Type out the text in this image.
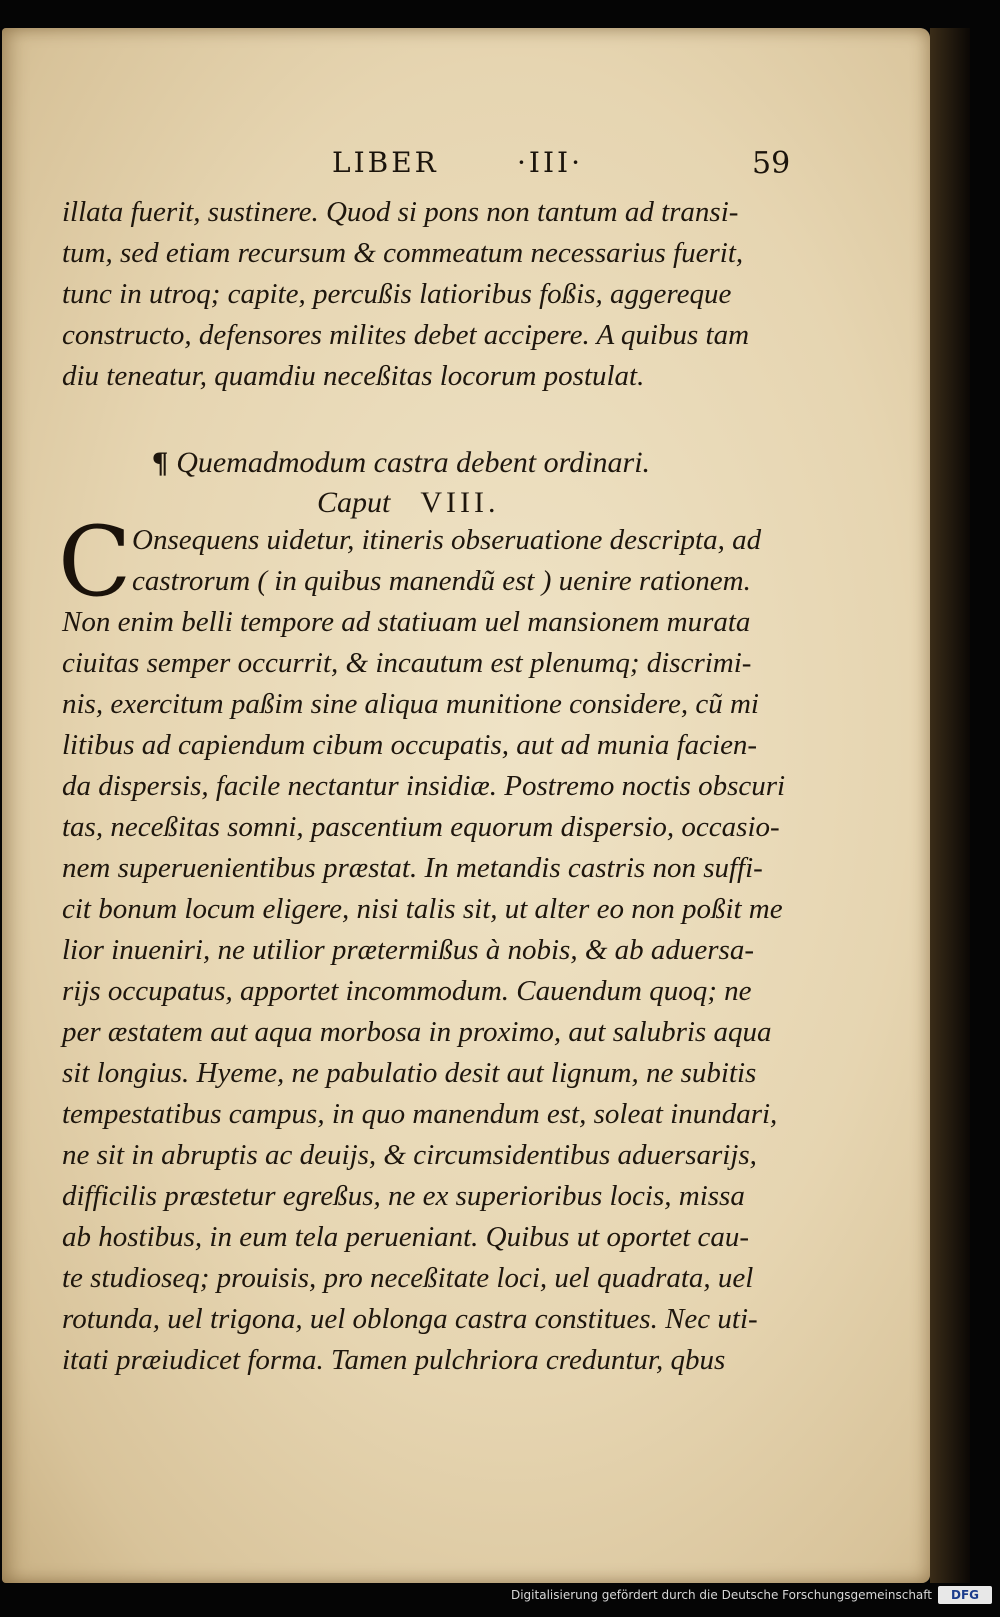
LIBER	·III·	59
illata fuerit, sustinere. Quod si pons non tantum ad transi-
tum, sed etiam recursum & commeatum necessarius fuerit,
tunc in utroq; capite, percußis latioribus foßis, aggereque
constructo, defensores milites debet accipere. A quibus tam
diu teneatur, quamdiu neceßitas locorum postulat.
¶ Quemadmodum castra debent ordinari.
Caput VIII.
C Onsequens uidetur, itineris obseruatione descripta, ad
castrorum ( in quibus manendũ est ) uenire rationem.
Non enim belli tempore ad statiuam uel mansionem murata
ciuitas semper occurrit, & incautum est plenumq; discrimi-
nis, exercitum paßim sine aliqua munitione considere, cũ mi
litibus ad capiendum cibum occupatis, aut ad munia facien-
da dispersis, facile nectantur insidiæ. Postremo noctis obscuri
tas, neceßitas somni, pascentium equorum dispersio, occasio-
nem superuenientibus præstat. In metandis castris non suffi-
cit bonum locum eligere, nisi talis sit, ut alter eo non poßit me
lior inueniri, ne utilior prætermißus à nobis, & ab aduersa-
rijs occupatus, apportet incommodum. Cauendum quoq; ne
per æstatem aut aqua morbosa in proximo, aut salubris aqua
sit longius. Hyeme, ne pabulatio desit aut lignum, ne subitis
tempestatibus campus, in quo manendum est, soleat inundari,
ne sit in abruptis ac deuijs, & circumsidentibus aduersarijs,
difficilis præstetur egreßus, ne ex superioribus locis, missa
ab hostibus, in eum tela perueniant. Quibus ut oportet cau-
te studioseq; prouisis, pro neceßitate loci, uel quadrata, uel
rotunda, uel trigona, uel oblonga castra constitues. Nec uti-
itati præiudicet forma. Tamen pulchriora creduntur, qbus
Digitalisierung gefördert durch die Deutsche Forschungsgemeinschaft	DFG
